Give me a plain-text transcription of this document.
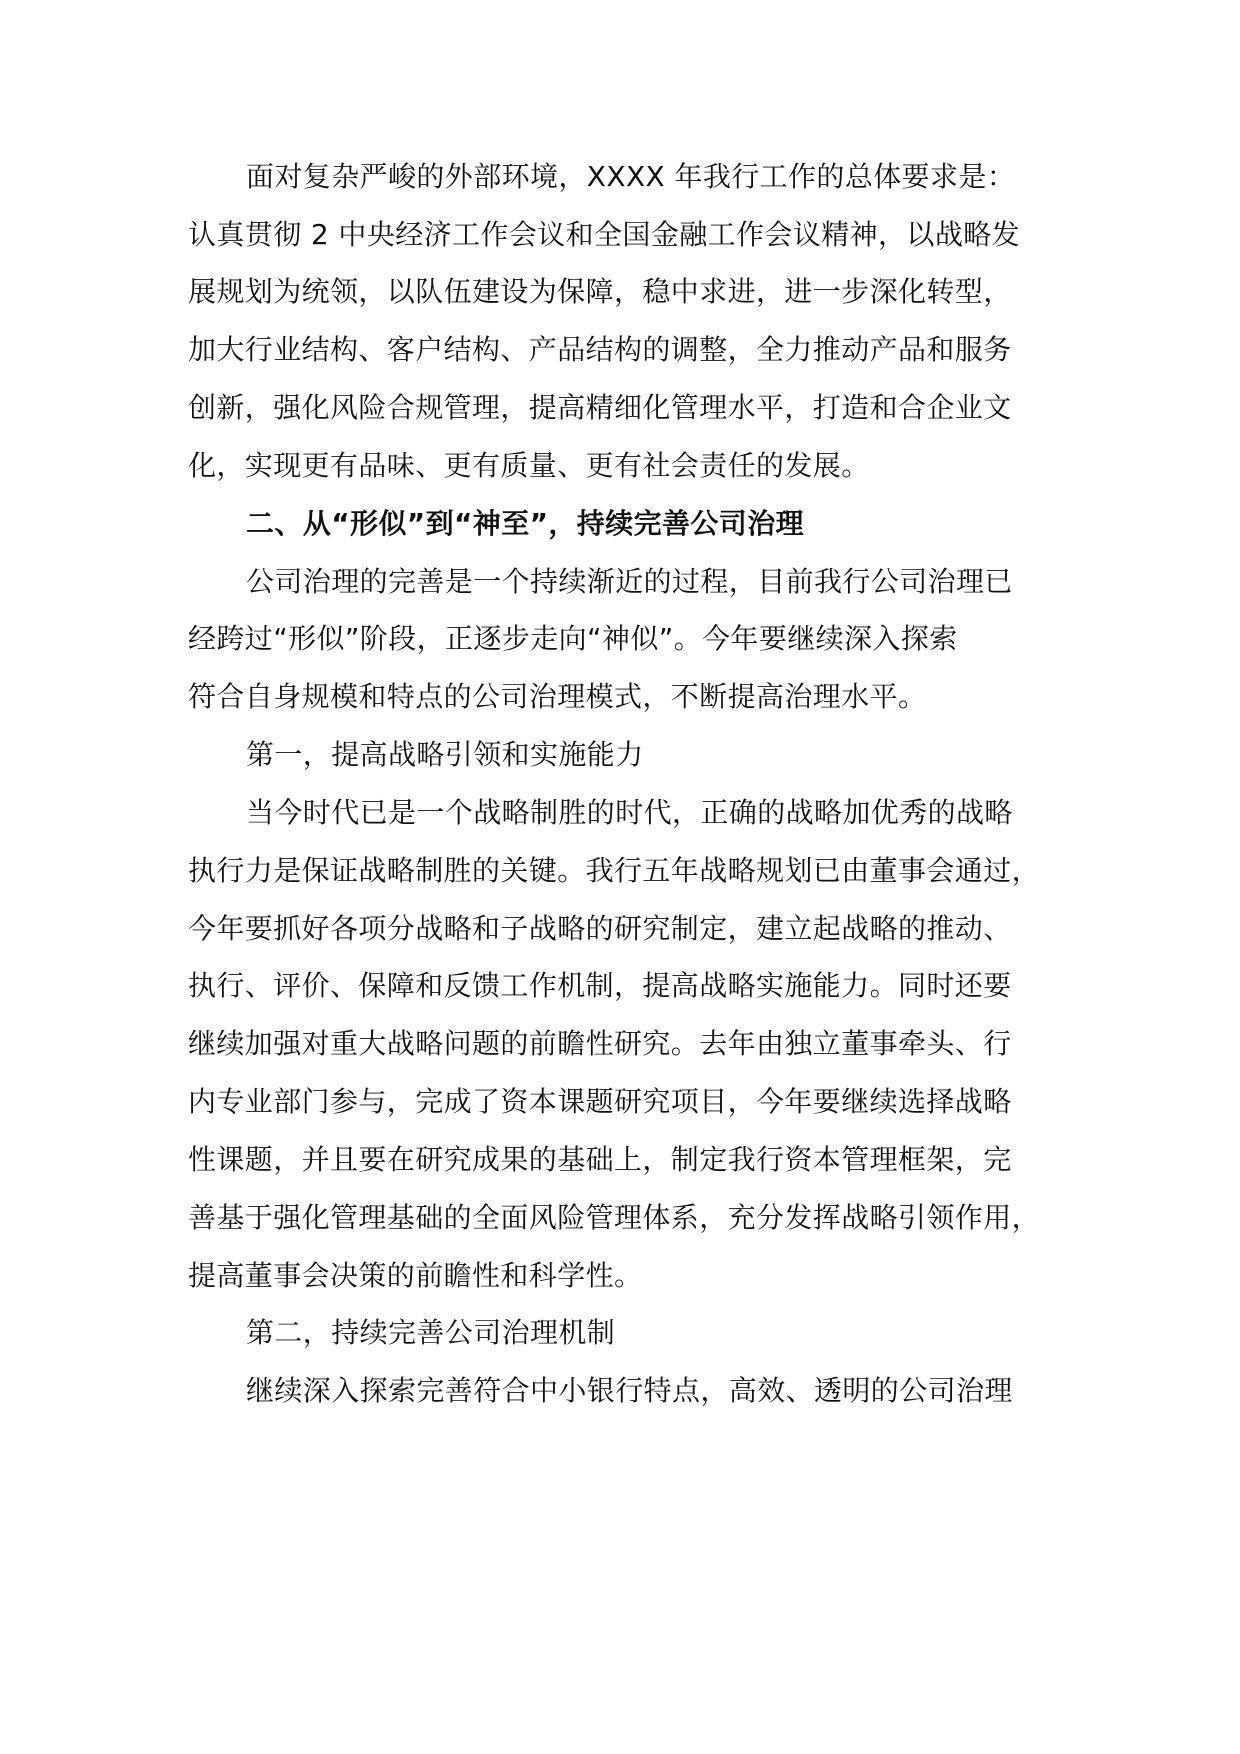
面对复杂严峻的外部环境，XXXX 年我行工作的总体要求是：
认真贯彻 2 中央经济工作会议和全国金融工作会议精神，以战略发
展规划为统领，以队伍建设为保障，稳中求进，进一步深化转型，
加大行业结构、客户结构、产品结构的调整，全力推动产品和服务
创新，强化风险合规管理，提高精细化管理水平，打造和合企业文
化，实现更有品味、更有质量、更有社会责任的发展。
二、从“形似”到“神至”，持续完善公司治理
公司治理的完善是一个持续渐近的过程，目前我行公司治理已
经跨过“形似”阶段，正逐步走向“神似”。今年要继续深入探索
符合自身规模和特点的公司治理模式，不断提高治理水平。
第一，提高战略引领和实施能力
当今时代已是一个战略制胜的时代，正确的战略加优秀的战略
执行力是保证战略制胜的关键。我行五年战略规划已由董事会通过，
今年要抓好各项分战略和子战略的研究制定，建立起战略的推动、
执行、评价、保障和反馈工作机制，提高战略实施能力。同时还要
继续加强对重大战略问题的前瞻性研究。去年由独立董事牵头、行
内专业部门参与，完成了资本课题研究项目，今年要继续选择战略
性课题，并且要在研究成果的基础上，制定我行资本管理框架，完
善基于强化管理基础的全面风险管理体系，充分发挥战略引领作用，
提高董事会决策的前瞻性和科学性。
第二，持续完善公司治理机制
继续深入探索完善符合中小银行特点，高效、透明的公司治理
